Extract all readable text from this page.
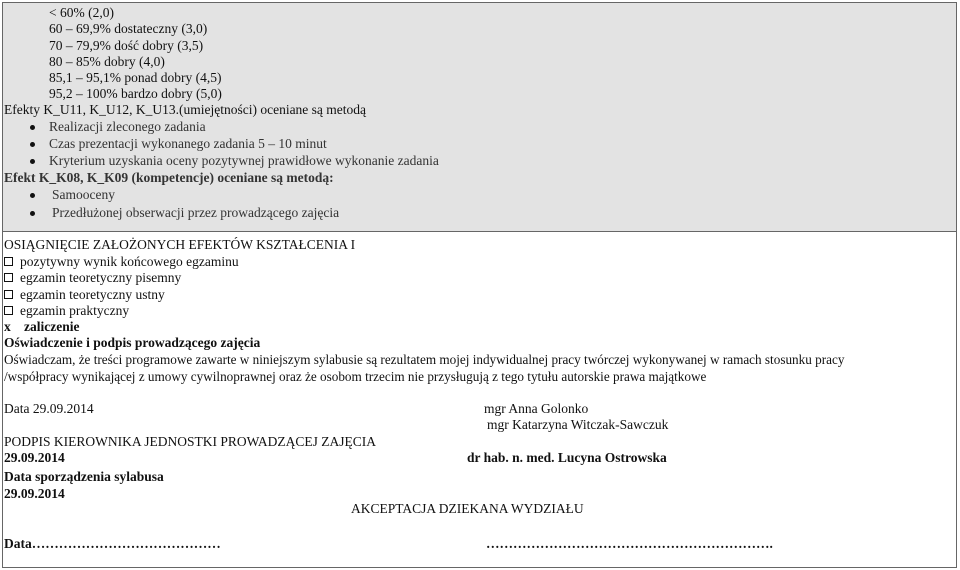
< 60% (2,0)
60 – 69,9% dostateczny (3,0)
70 – 79,9% dość dobry (3,5)
80 – 85% dobry (4,0)
85,1 – 95,1% ponad dobry (4,5)
95,2 – 100% bardzo dobry (5,0)
Efekty K_U11, K_U12, K_U13.(umiejętności) oceniane są metodą
Realizacji zleconego zadania
Czas prezentacji wykonanego zadania 5 – 10 minut
Kryterium uzyskania oceny pozytywnej prawidłowe wykonanie zadania
Efekt K_K08, K_K09 (kompetencje) oceniane są metodą:
Samooceny
Przedłużonej obserwacji przez prowadzącego zajęcia
OSIĄGNIĘCIE ZAŁOŻONYCH EFEKTÓW KSZTAŁCENIA I
pozytywny wynik końcowego egzaminu
egzamin teoretyczny pisemny
egzamin teoretyczny ustny
egzamin praktyczny
x zaliczenie
Oświadczenie i podpis prowadzącego zajęcia
Oświadczam, że treści programowe zawarte w niniejszym sylabusie są rezultatem mojej indywidualnej pracy twórczej wykonywanej w ramach stosunku pracy
/współpracy wynikającej z umowy cywilnoprawnej oraz że osobom trzecim nie przysługują z tego tytułu autorskie prawa majątkowe
Data 29.09.2014	mgr Anna Golonko
mgr Katarzyna Witczak-Sawczuk
PODPIS KIEROWNIKA JEDNOSTKI PROWADZĄCEJ ZAJĘCIA
29.09.2014	dr hab. n. med. Lucyna Ostrowska
Data sporządzenia sylabusa
29.09.2014
AKCEPTACJA DZIEKANA WYDZIAŁU
Data……………………………………	……………………………………………………….
